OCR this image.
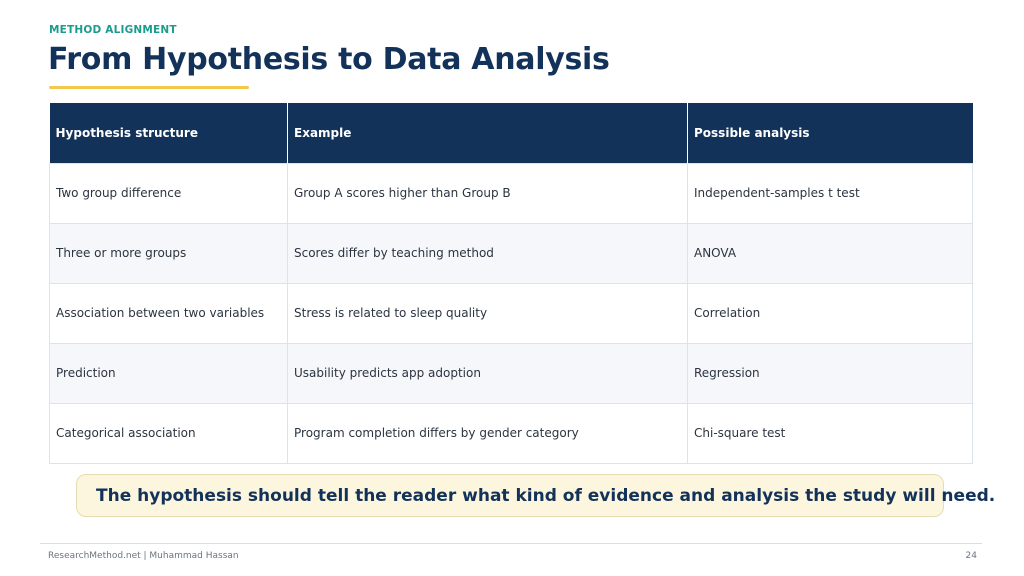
METHOD ALIGNMENT
From Hypothesis to Data Analysis
Hypothesis structure	Example	Possible analysis
Two group difference	Group A scores higher than Group B	Independent-samples t test
Three or more groups	Scores differ by teaching method	ANOVA
Association between two variables	Stress is related to sleep quality	Correlation
Prediction	Usability predicts app adoption	Regression
Categorical association	Program completion differs by gender category	Chi-square test
The hypothesis should tell the reader what kind of evidence and analysis the study will need.
ResearchMethod.net | Muhammad Hassan	24
